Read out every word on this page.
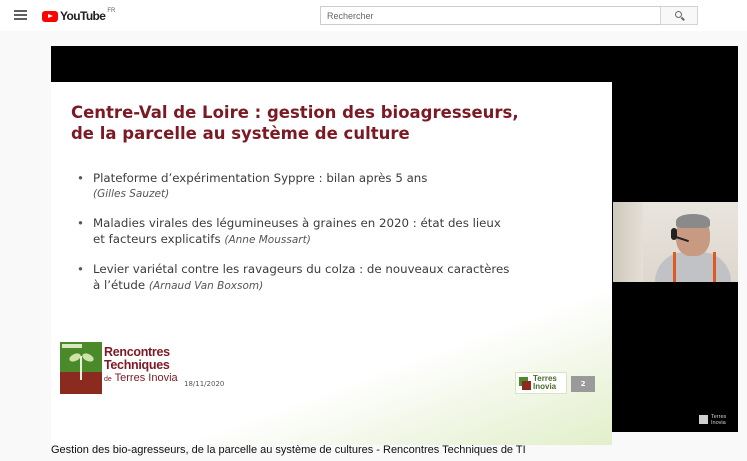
YouTube FR
Rechercher
Centre-Val de Loire : gestion des bioagresseurs,
de la parcelle au système de culture
• Plateforme d’expérimentation Syppre : bilan après 5 ans
(Gilles Sauzet)
• Maladies virales des légumineuses à graines en 2020 : état des lieux
et facteurs explicatifs (Anne Moussart)
• Levier variétal contre les ravageurs du colza : de nouveaux caractères
à l’étude (Arnaud Van Boxsom)
Rencontres
Techniques
de Terres Inovia 18/11/2020
Terres
Inovia	2
Terres
Inovia
Gestion des bio-agresseurs, de la parcelle au système de cultures - Rencontres Techniques de TI
